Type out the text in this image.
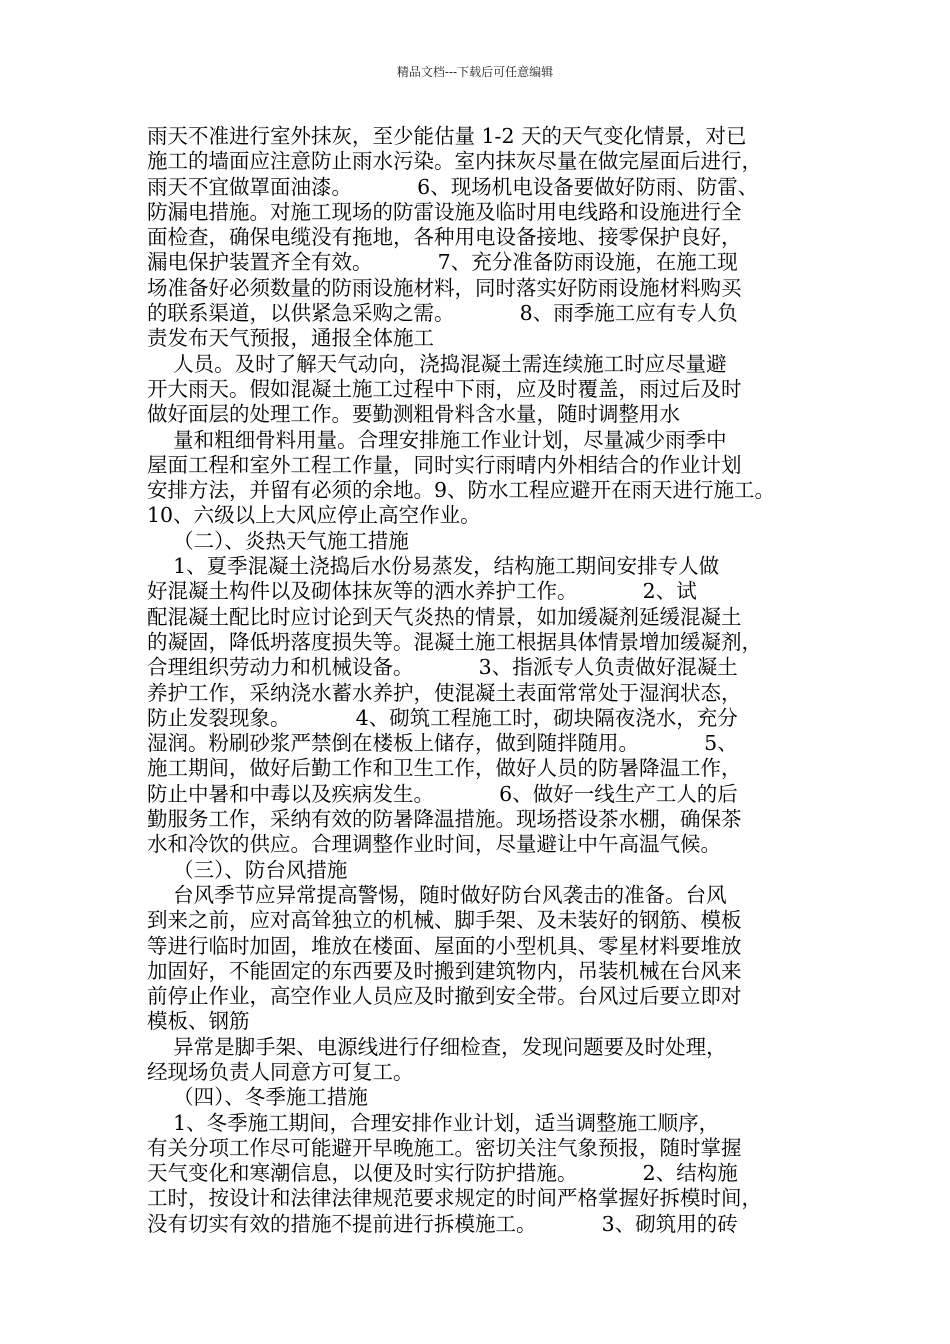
精品文档---下载后可任意编辑
雨天不准进行室外抹灰，至少能估量 1-2 天的天气变化情景，对已
施工的墙面应注意防止雨水污染。室内抹灰尽量在做完屋面后进行，
雨天不宜做罩面油漆。          6、现场机电设备要做好防雨、防雷、
防漏电措施。对施工现场的防雷设施及临时用电线路和设施进行全
面检查，确保电缆没有拖地，各种用电设备接地、接零保护良好，
漏电保护装置齐全有效。          7、充分准备防雨设施，在施工现
场准备好必须数量的防雨设施材料，同时落实好防雨设施材料购买
的联系渠道，以供紧急采购之需。          8、雨季施工应有专人负
责发布天气预报，通报全体施工
人员。及时了解天气动向，浇捣混凝土需连续施工时应尽量避
开大雨天。假如混凝土施工过程中下雨，应及时覆盖，雨过后及时
做好面层的处理工作。要勤测粗骨料含水量，随时调整用水
量和粗细骨料用量。合理安排施工作业计划，尽量减少雨季中
屋面工程和室外工程工作量，同时实行雨晴内外相结合的作业计划
安排方法，并留有必须的余地。9、防水工程应避开在雨天进行施工。
10、六级以上大风应停止高空作业。
（二）、炎热天气施工措施
1、夏季混凝土浇捣后水份易蒸发，结构施工期间安排专人做
好混凝土构件以及砌体抹灰等的洒水养护工作。          2、试
配混凝土配比时应讨论到天气炎热的情景，如加缓凝剂延缓混凝土
的凝固，降低坍落度损失等。混凝土施工根据具体情景增加缓凝剂，
合理组织劳动力和机械设备。          3、指派专人负责做好混凝土
养护工作，采纳浇水蓄水养护，使混凝土表面常常处于湿润状态，
防止发裂现象。          4、砌筑工程施工时，砌块隔夜浇水，充分
湿润。粉刷砂浆严禁倒在楼板上储存，做到随拌随用。          5、
施工期间，做好后勤工作和卫生工作，做好人员的防暑降温工作，
防止中暑和中毒以及疾病发生。          6、做好一线生产工人的后
勤服务工作，采纳有效的防暑降温措施。现场搭设茶水棚，确保茶
水和冷饮的供应。合理调整作业时间，尽量避让中午高温气候。
（三）、防台风措施
台风季节应异常提高警惕，随时做好防台风袭击的准备。台风
到来之前，应对高耸独立的机械、脚手架、及未装好的钢筋、模板
等进行临时加固，堆放在楼面、屋面的小型机具、零星材料要堆放
加固好，不能固定的东西要及时搬到建筑物内，吊装机械在台风来
前停止作业，高空作业人员应及时撤到安全带。台风过后要立即对
模板、钢筋
异常是脚手架、电源线进行仔细检查，发现问题要及时处理，
经现场负责人同意方可复工。
（四）、冬季施工措施
1、冬季施工期间，合理安排作业计划，适当调整施工顺序，
有关分项工作尽可能避开早晚施工。密切关注气象预报，随时掌握
天气变化和寒潮信息，以便及时实行防护措施。          2、结构施
工时，按设计和法律法律规范要求规定的时间严格掌握好拆模时间，
没有切实有效的措施不提前进行拆模施工。          3、砌筑用的砖
